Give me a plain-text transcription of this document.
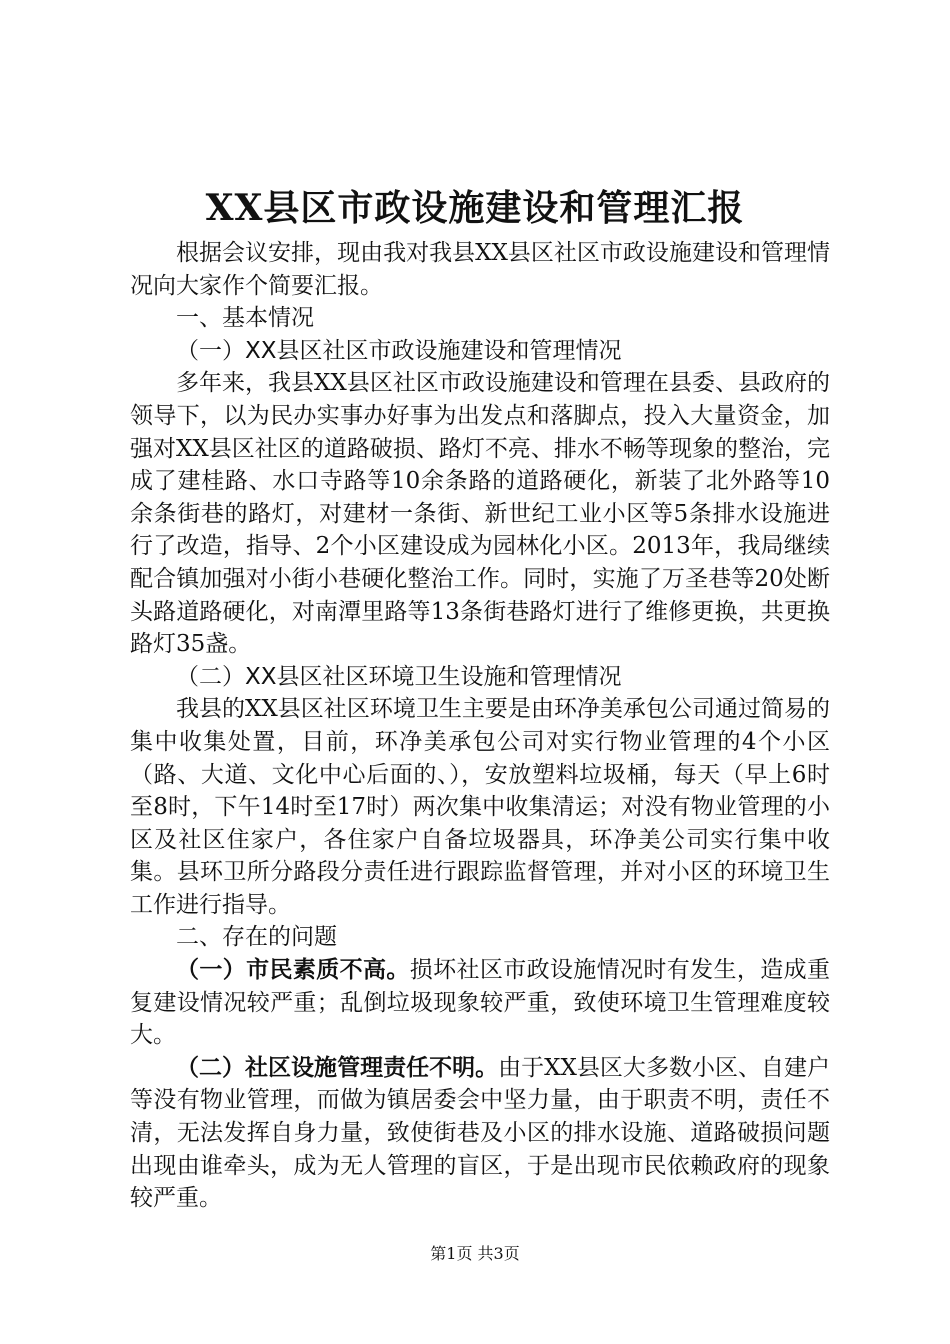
XX县区市政设施建设和管理汇报

根据会议安排，现由我对我县XX县区社区市政设施建设和管理情况向大家作个简要汇报。

一、基本情况

（一）XX县区社区市政设施建设和管理情况

多年来，我县XX县区社区市政设施建设和管理在县委、县政府的领导下，以为民办实事办好事为出发点和落脚点，投入大量资金，加强对XX县区社区的道路破损、路灯不亮、排水不畅等现象的整治，完成了建桂路、水口寺路等10余条路的道路硬化，新装了北外路等10余条街巷的路灯，对建材一条街、新世纪工业小区等5条排水设施进行了改造，指导、2个小区建设成为园林化小区。2013年，我局继续配合镇加强对小街小巷硬化整治工作。同时，实施了万圣巷等20处断头路道路硬化，对南潭里路等13条街巷路灯进行了维修更换，共更换路灯35盏。

（二）XX县区社区环境卫生设施和管理情况

我县的XX县区社区环境卫生主要是由环净美承包公司通过简易的集中收集处置，目前，环净美承包公司对实行物业管理的4个小区（路、大道、文化中心后面的、），安放塑料垃圾桶，每天（早上6时至8时，下午14时至17时）两次集中收集清运；对没有物业管理的小区及社区住家户，各住家户自备垃圾器具，环净美公司实行集中收集。县环卫所分路段分责任进行跟踪监督管理，并对小区的环境卫生工作进行指导。

二、存在的问题

（一）市民素质不高。损坏社区市政设施情况时有发生，造成重复建设情况较严重；乱倒垃圾现象较严重，致使环境卫生管理难度较大。

（二）社区设施管理责任不明。由于XX县区大多数小区、自建户等没有物业管理，而做为镇居委会中坚力量，由于职责不明，责任不清，无法发挥自身力量，致使街巷及小区的排水设施、道路破损问题出现由谁牵头，成为无人管理的盲区，于是出现市民依赖政府的现象较严重。

第1页 共3页
